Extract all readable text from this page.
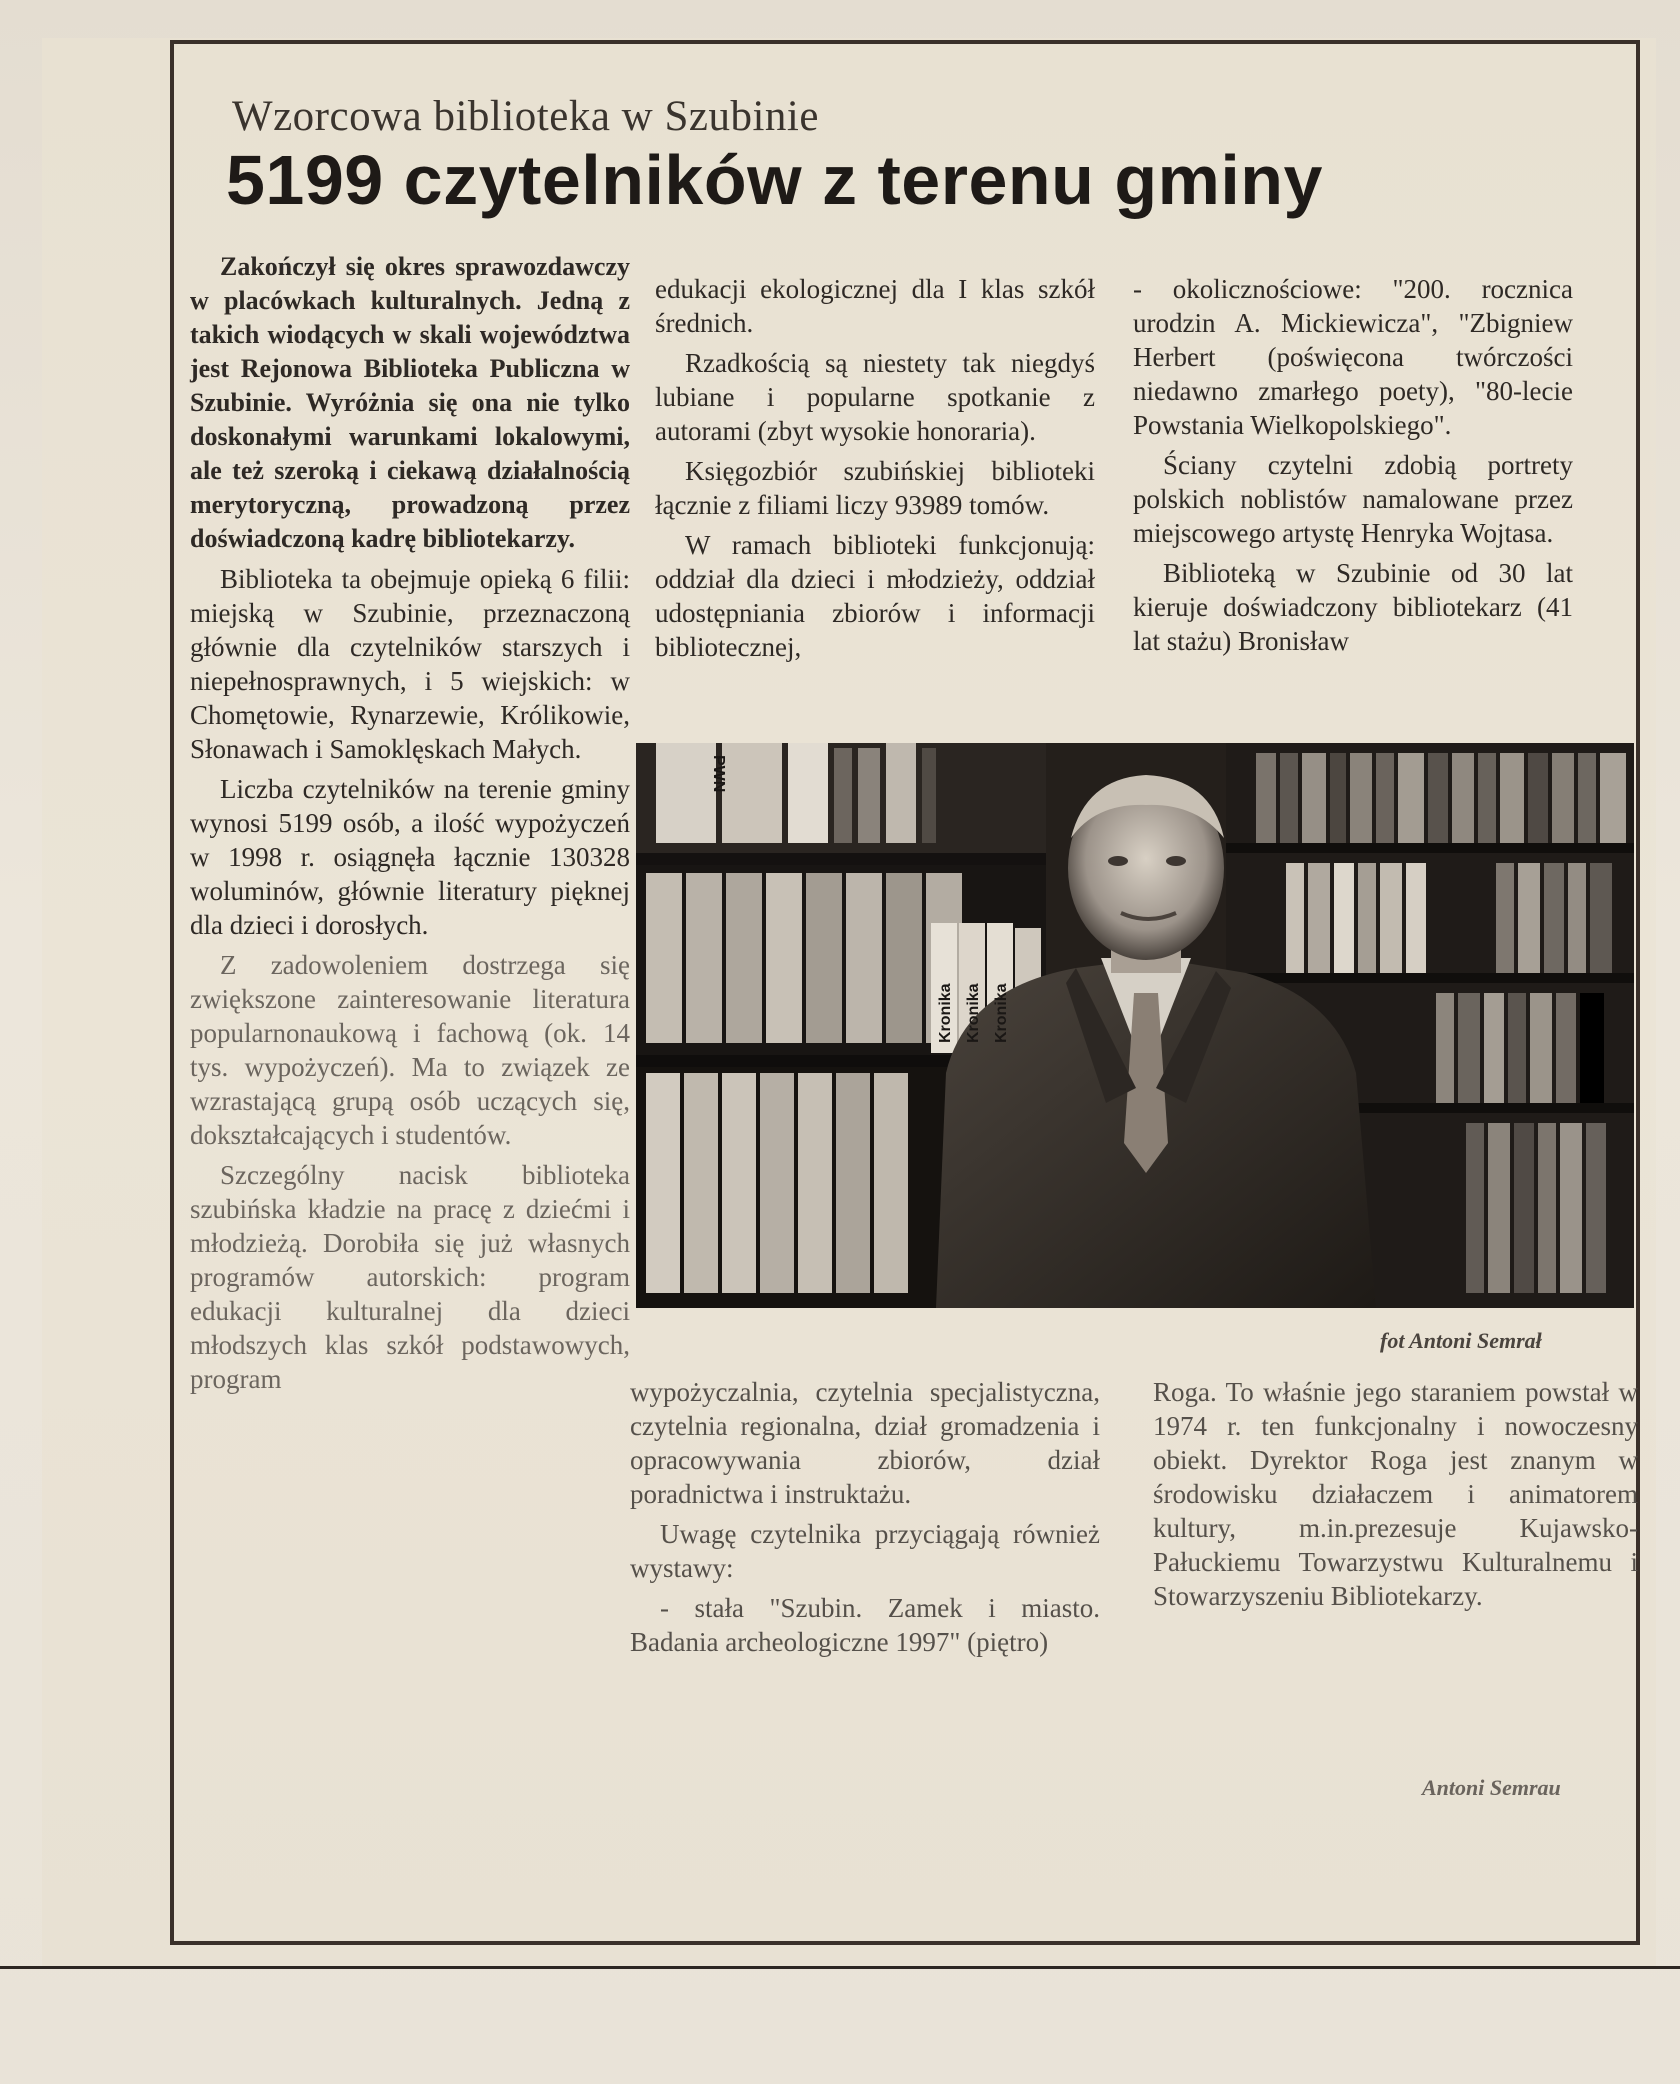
Wzorcowa biblioteka w Szubinie
5199 czytelników z terenu gminy

Zakończył się okres sprawozdawczy w placówkach kulturalnych. Jedną z takich wiodących w skali województwa jest Rejonowa Biblioteka Publiczna w Szubinie. Wyróżnia się ona nie tylko doskonałymi warunkami lokalowymi, ale też szeroką i ciekawą działalnością merytoryczną, prowadzoną przez doświadczoną kadrę bibliotekarzy.

Biblioteka ta obejmuje opieką 6 filii: miejską w Szubinie, przeznaczoną głównie dla czytelników starszych i niepełnosprawnych, i 5 wiejskich: w Chomętowie, Rynarzewie, Królikowie, Słonawach i Samoklęskach Małych.

Liczba czytelników na terenie gminy wynosi 5199 osób, a ilość wypożyczeń w 1998 r. osiągnęła łącznie 130328 woluminów, głównie literatury pięknej dla dzieci i dorosłych.

Z zadowoleniem dostrzega się zwiększone zainteresowanie literatura popularnonaukową i fachową (ok. 14 tys. wypożyczeń). Ma to związek ze wzrastającą grupą osób uczących się, dokształcających i studentów.

Szczególny nacisk biblioteka szubińska kładzie na pracę z dziećmi i młodzieżą. Dorobiła się już własnych programów autorskich: program edukacji kulturalnej dla dzieci młodszych klas szkół podstawowych, program

edukacji ekologicznej dla I klas szkół średnich.

Rzadkością są niestety tak niegdyś lubiane i popularne spotkanie z autorami (zbyt wysokie honoraria).

Księgozbiór szubińskiej biblioteki łącznie z filiami liczy 93989 tomów.

W ramach biblioteki funkcjonują: oddział dla dzieci i młodzieży, oddział udostępniania zbiorów i informacji bibliotecznej,

- okolicznościowe: "200. rocznica urodzin A. Mickiewicza", "Zbigniew Herbert (poświęcona twórczości niedawno zmarłego poety), "80-lecie Powstania Wielkopolskiego".

Ściany czytelni zdobią portrety polskich noblistów namalowane przez miejscowego artystę Henryka Wojtasa.

Biblioteką w Szubinie od 30 lat kieruje doświadczony bibliotekarz (41 lat stażu) Bronisław

PWN
Kronika Kronika Kronika
fot Antoni Semrał

wypożyczalnia, czytelnia specjalistyczna, czytelnia regionalna, dział gromadzenia i opracowywania zbiorów, dział poradnictwa i instruktażu.

Uwagę czytelnika przyciągają również wystawy:

- stała "Szubin. Zamek i miasto. Badania archeologiczne 1997" (piętro)

Roga. To właśnie jego staraniem powstał w 1974 r. ten funkcjonalny i nowoczesny obiekt. Dyrektor Roga jest znanym w środowisku działaczem i animatorem kultury, m.in.prezesuje Kujawsko-Pałuckiemu Towarzystwu Kulturalnemu i Stowarzyszeniu Bibliotekarzy.

Antoni Semrau
